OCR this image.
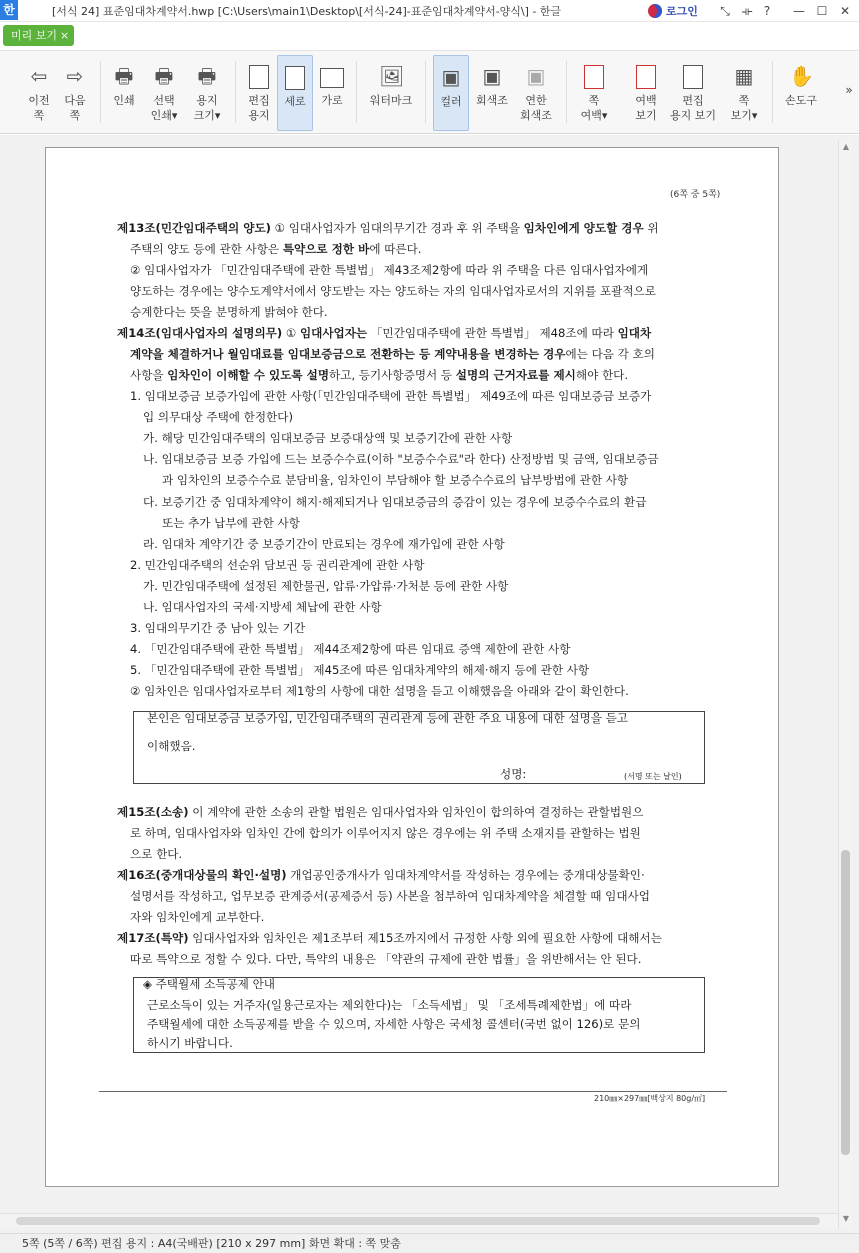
한	[서식 24] 표준임대차계약서.hwp [C:\Users\main1\Desktop\[서식-24]-표준임대차계약서-양식\] - 한글	로그인	⤡ ⟛ ?	— ☐	✕
미리 보기 ×
⇦
이전
쪽
⇨
다음
쪽
🖶
인쇄
🖶
선택
인쇄▾
🖶
용지
크기▾
편집
용지
세로	가로
🖼
워터마크
▣
컬러
▣
회색조
▣
연한
회색조
쪽
여백▾
여백
보기
편집
용지 보기
▦
쪽
보기▾
✋
손도구
»
▲
▼
(6쪽 중 5쪽)
제13조(민간임대주택의 양도) ① 임대사업자가 임대의무기간 경과 후 위 주택을 임차인에게 양도할 경우 위
주택의 양도 등에 관한 사항은 특약으로 정한 바에 따른다.
② 임대사업자가 「민간임대주택에 관한 특별법」 제43조제2항에 따라 위 주택을 다른 임대사업자에게
양도하는 경우에는 양수도계약서에서 양도받는 자는 양도하는 자의 임대사업자로서의 지위를 포괄적으로
승계한다는 뜻을 분명하게 밝혀야 한다.
제14조(임대사업자의 설명의무) ① 임대사업자는 「민간임대주택에 관한 특별법」 제48조에 따라 임대차
계약을 체결하거나 월임대료를 임대보증금으로 전환하는 등 계약내용을 변경하는 경우에는 다음 각 호의
사항을 임차인이 이해할 수 있도록 설명하고, 등기사항증명서 등 설명의 근거자료를 제시해야 한다.
1. 임대보증금 보증가입에 관한 사항(「민간임대주택에 관한 특별법」 제49조에 따른 임대보증금 보증가
입 의무대상 주택에 한정한다)
가. 해당 민간임대주택의 임대보증금 보증대상액 및 보증기간에 관한 사항
나. 임대보증금 보증 가입에 드는 보증수수료(이하 "보증수수료"라 한다) 산정방법 및 금액, 임대보증금
과 임차인의 보증수수료 분담비율, 임차인이 부담해야 할 보증수수료의 납부방법에 관한 사항
다. 보증기간 중 임대차계약이 해지·해제되거나 임대보증금의 증감이 있는 경우에 보증수수료의 환급
또는 추가 납부에 관한 사항
라. 임대차 계약기간 중 보증기간이 만료되는 경우에 재가입에 관한 사항
2. 민간임대주택의 선순위 담보권 등 권리관계에 관한 사항
가. 민간임대주택에 설정된 제한물권, 압류·가압류·가처분 등에 관한 사항
나. 임대사업자의 국세·지방세 체납에 관한 사항
3. 임대의무기간 중 남아 있는 기간
4. 「민간임대주택에 관한 특별법」 제44조제2항에 따른 임대료 증액 제한에 관한 사항
5. 「민간임대주택에 관한 특별법」 제45조에 따른 임대차계약의 해제·해지 등에 관한 사항
② 임차인은 임대사업자로부터 제1항의 사항에 대한 설명을 듣고 이해했음을 아래와 같이 확인한다.
본인은 임대보증금 보증가입, 민간임대주택의 권리관계 등에 관한 주요 내용에 대한 설명을 듣고
이해했음.
성명:	(서명 또는 날인)
제15조(소송) 이 계약에 관한 소송의 관할 법원은 임대사업자와 임차인이 합의하여 결정하는 관할법원으
로 하며, 임대사업자와 임차인 간에 합의가 이루어지지 않은 경우에는 위 주택 소재지를 관할하는 법원
으로 한다.
제16조(중개대상물의 확인·설명) 개업공인중개사가 임대차계약서를 작성하는 경우에는 중개대상물확인·
설명서를 작성하고, 업무보증 관계증서(공제증서 등) 사본을 첨부하여 임대차계약을 체결할 때 임대사업
자와 임차인에게 교부한다.
제17조(특약) 임대사업자와 임차인은 제1조부터 제15조까지에서 규정한 사항 외에 필요한 사항에 대해서는
따로 특약으로 정할 수 있다. 다만, 특약의 내용은 「약관의 규제에 관한 법률」을 위반해서는 안 된다.
◈ 주택월세 소득공제 안내
근로소득이 있는 거주자(일용근로자는 제외한다)는 「소득세법」 및 「조세특례제한법」에 따라
주택월세에 대한 소득공제를 받을 수 있으며, 자세한 사항은 국세청 콜센터(국번 없이 126)로 문의
하시기 바랍니다.
210㎜×297㎜[백상지 80g/㎡]
5쪽 (5쪽 / 6쪽) 편집 용지 : A4(국배판) [210 x 297 mm] 화면 확대 : 쪽 맞춤
